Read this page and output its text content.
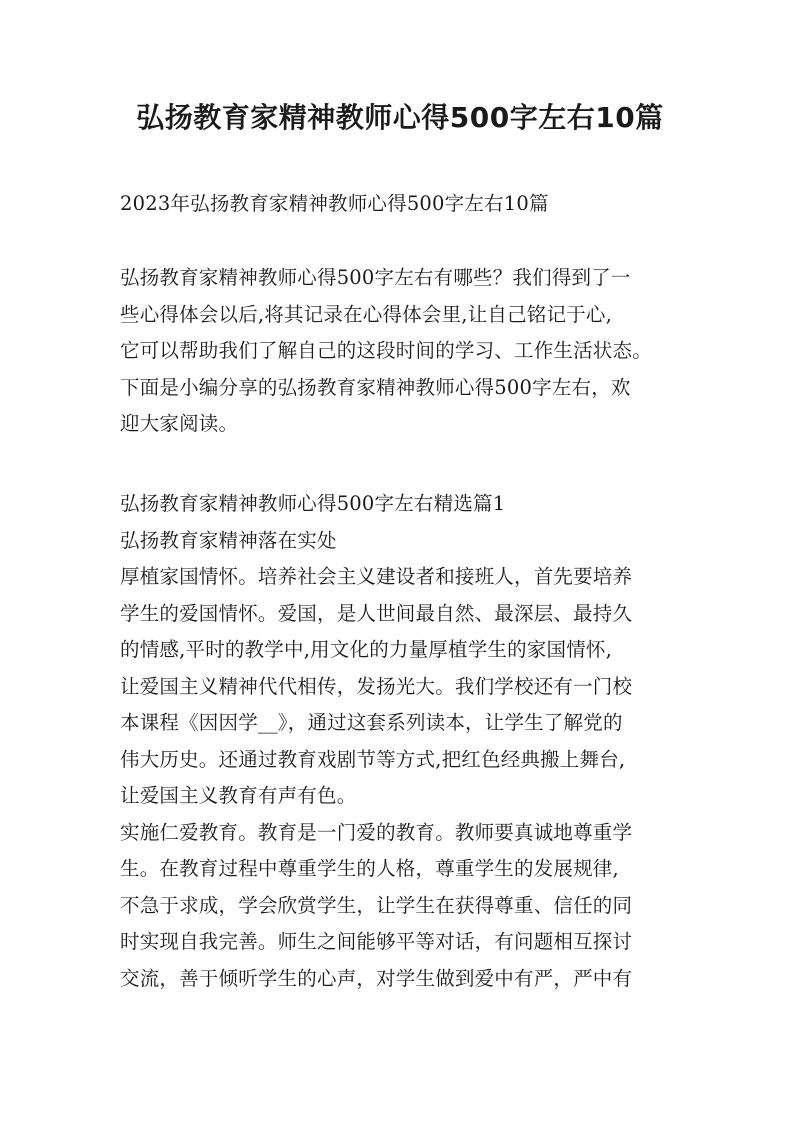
弘扬教育家精神教师心得500字左右10篇
2023年弘扬教育家精神教师心得500字左右10篇
弘扬教育家精神教师心得500字左右有哪些？我们得到了一
些心得体会以后,将其记录在心得体会里,让自己铭记于心,
它可以帮助我们了解自己的这段时间的学习、工作生活状态。
下面是小编分享的弘扬教育家精神教师心得500字左右，欢
迎大家阅读。
弘扬教育家精神教师心得500字左右精选篇1
弘扬教育家精神落在实处
厚植家国情怀。培养社会主义建设者和接班人，首先要培养
学生的爱国情怀。爱国，是人世间最自然、最深层、最持久
的情感,平时的教学中,用文化的力量厚植学生的家国情怀,
让爱国主义精神代代相传，发扬光大。我们学校还有一门校
本课程《因因学__》，通过这套系列读本，让学生了解党的
伟大历史。还通过教育戏剧节等方式,把红色经典搬上舞台,
让爱国主义教育有声有色。
实施仁爱教育。教育是一门爱的教育。教师要真诚地尊重学
生。在教育过程中尊重学生的人格，尊重学生的发展规律,
不急于求成，学会欣赏学生，让学生在获得尊重、信任的同
时实现自我完善。师生之间能够平等对话，有问题相互探讨
交流，善于倾听学生的心声，对学生做到爱中有严，严中有
